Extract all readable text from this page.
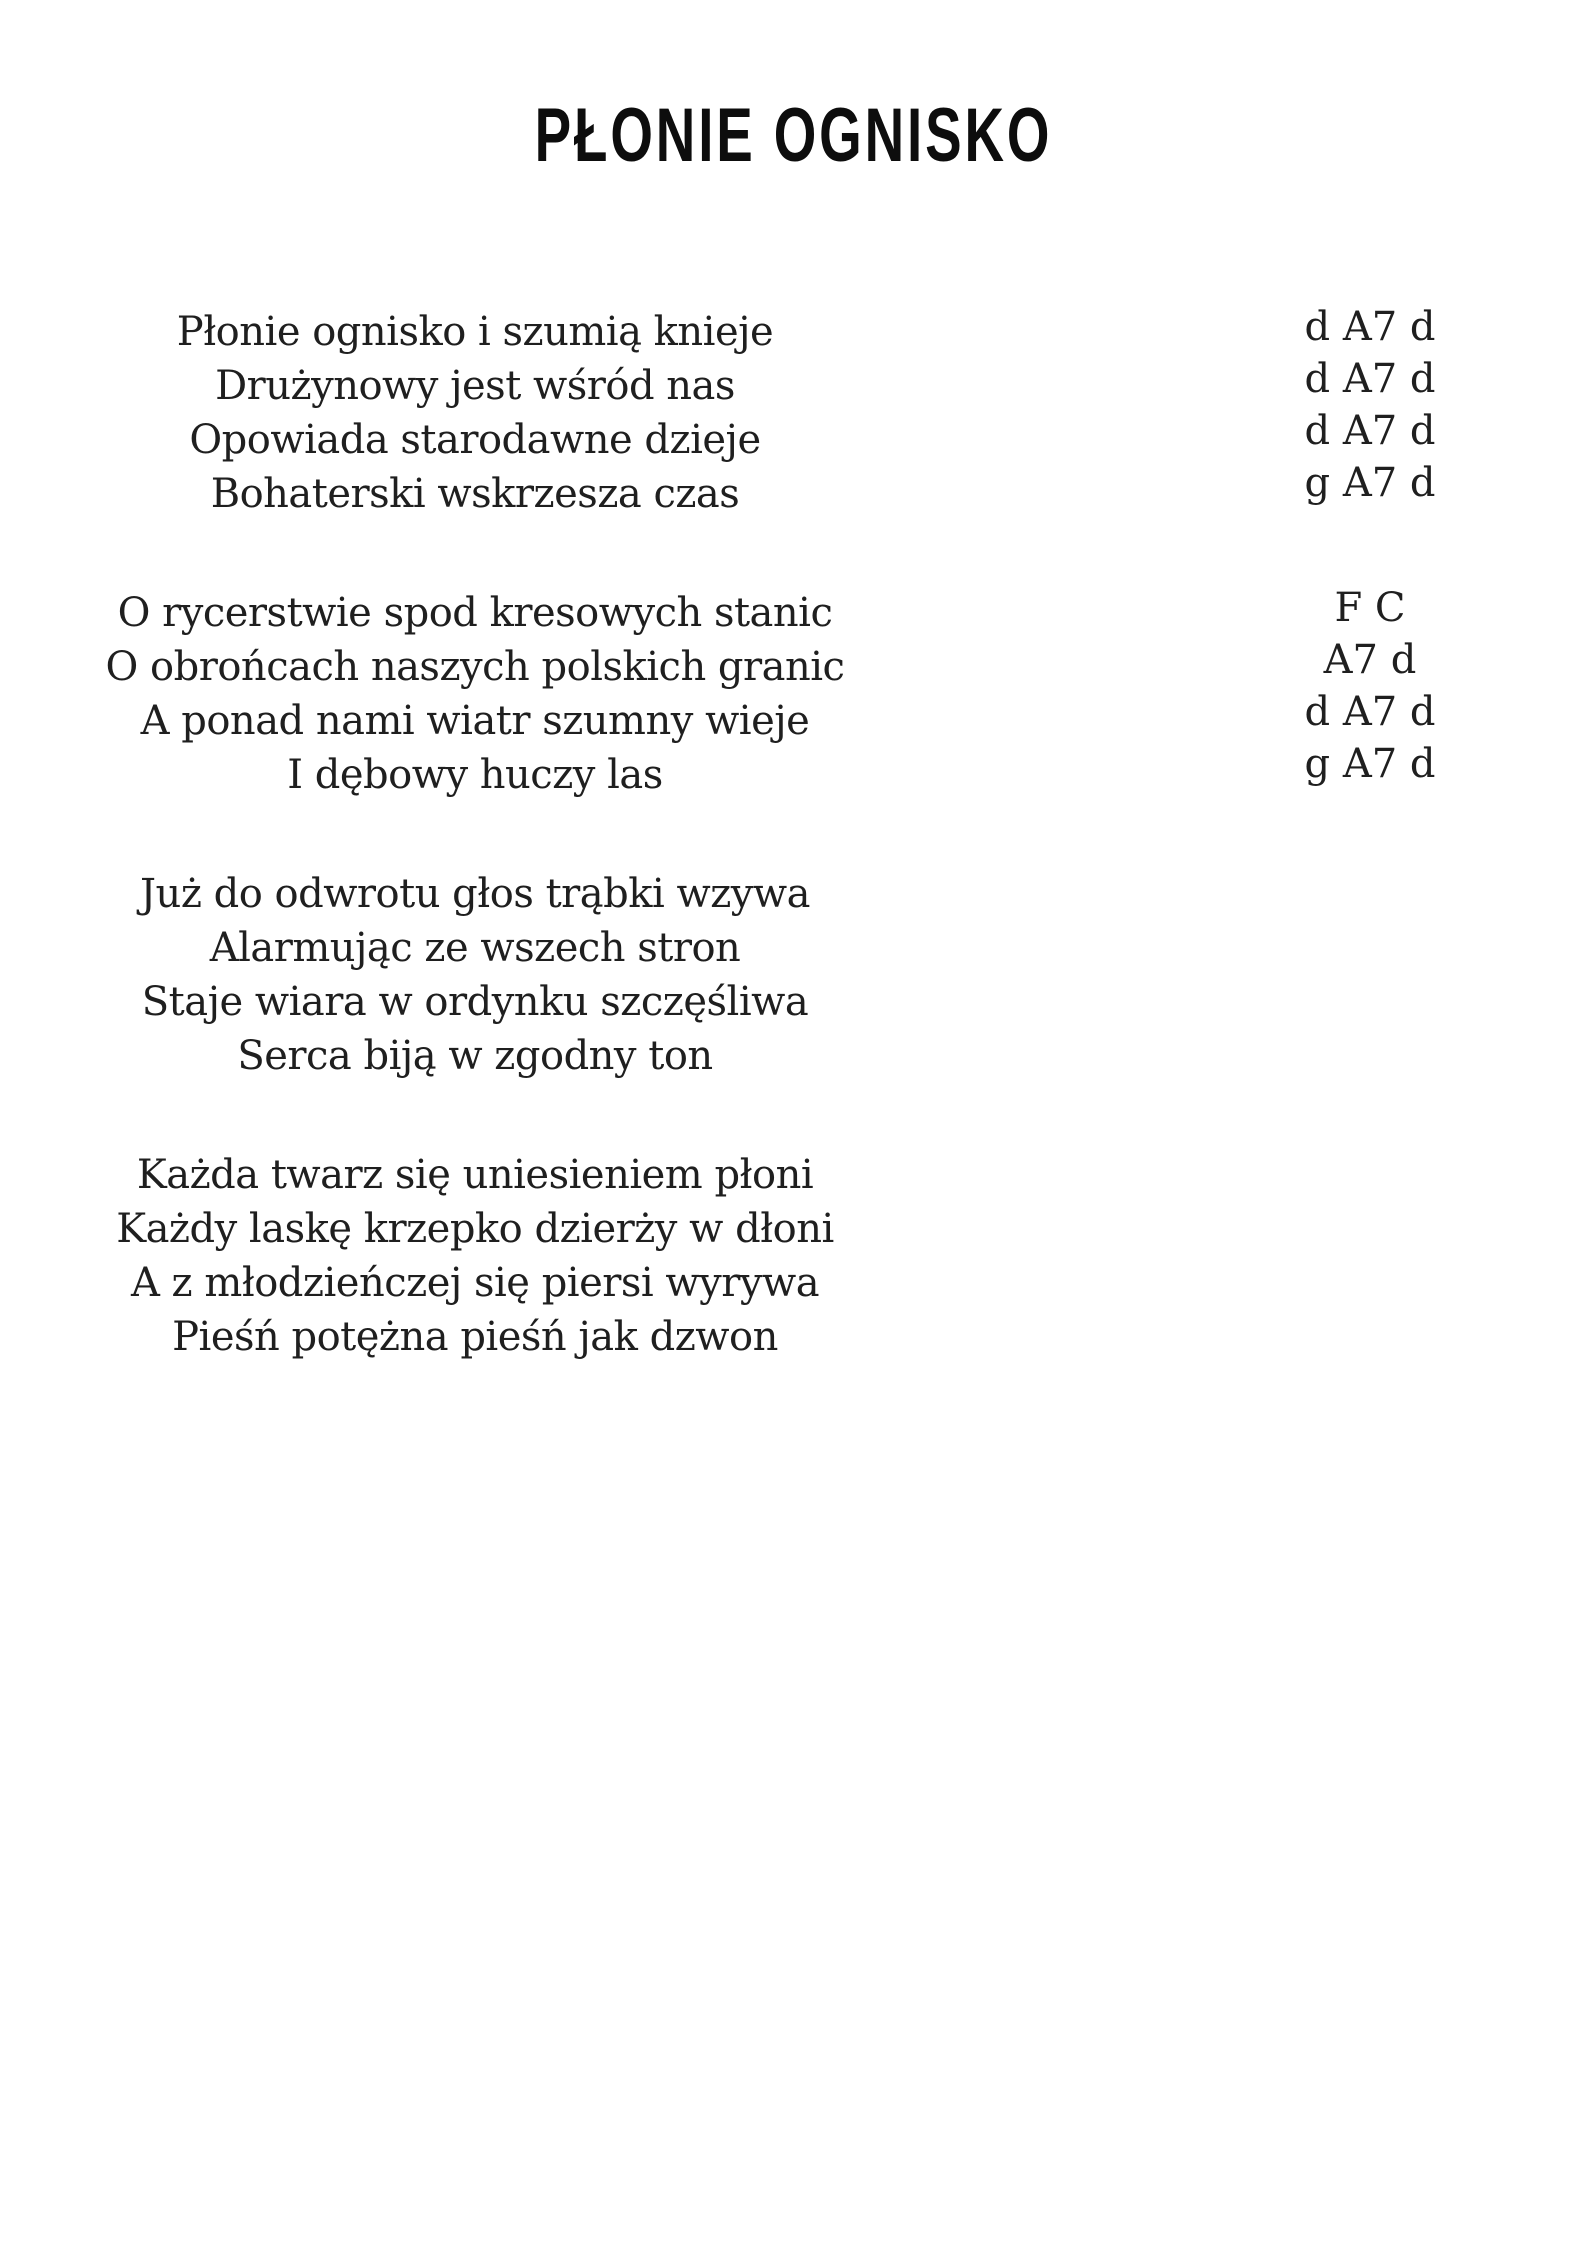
PŁONIE OGNISKO
Płonie ognisko i szumią knieje
Drużynowy jest wśród nas
Opowiada starodawne dzieje
Bohaterski wskrzesza czas
d A7 d
d A7 d
d A7 d
g A7 d
O rycerstwie spod kresowych stanic
O obrońcach naszych polskich granic
A ponad nami wiatr szumny wieje
I dębowy huczy las
F C
A7 d
d A7 d
g A7 d
Już do odwrotu głos trąbki wzywa
Alarmując ze wszech stron
Staje wiara w ordynku szczęśliwa
Serca biją w zgodny ton
Każda twarz się uniesieniem płoni
Każdy laskę krzepko dzierży w dłoni
A z młodzieńczej się piersi wyrywa
Pieśń potężna pieśń jak dzwon
